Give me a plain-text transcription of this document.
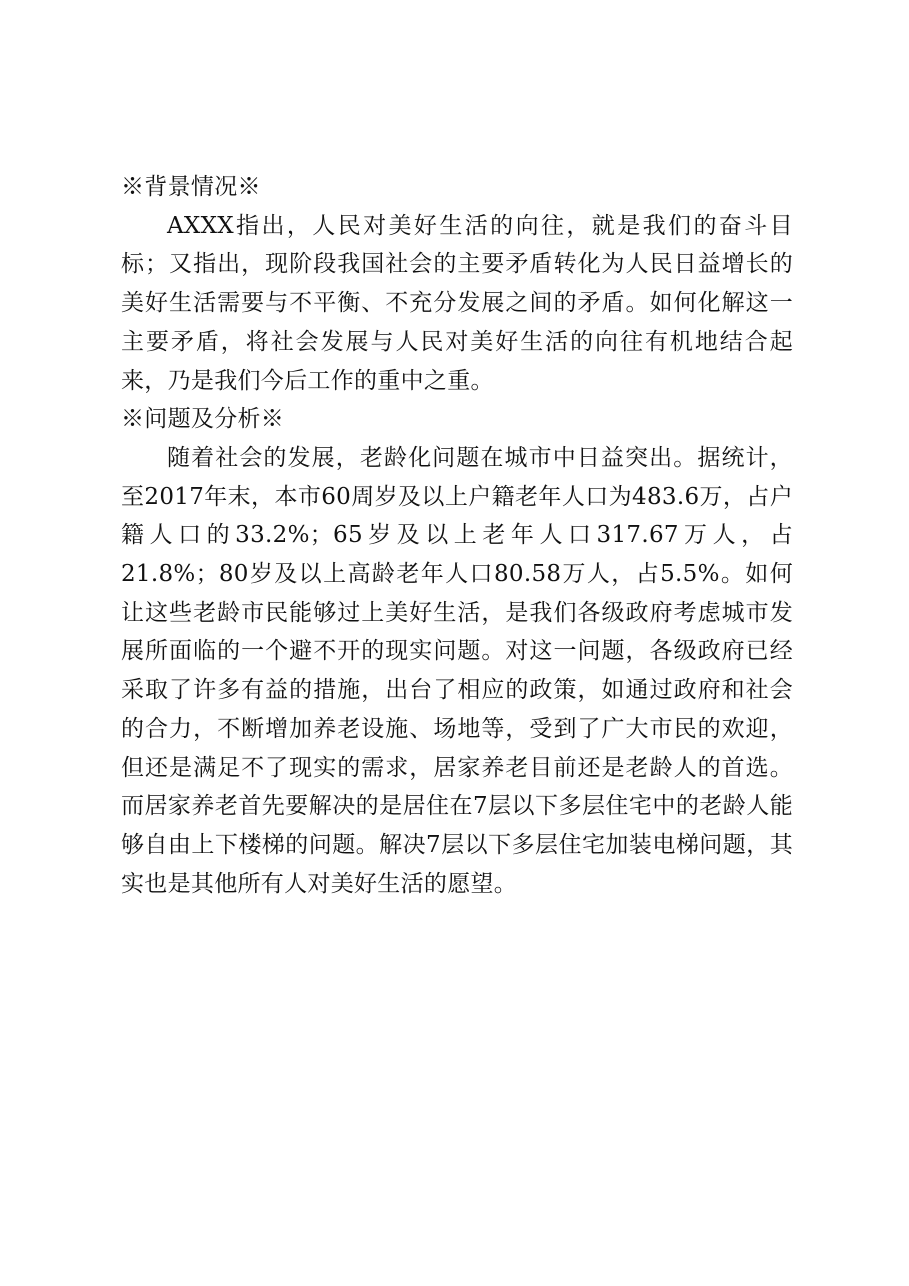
※背景情况※

AXXX指出，人民对美好生活的向往，就是我们的奋斗目标；又指出，现阶段我国社会的主要矛盾转化为人民日益增长的美好生活需要与不平衡、不充分发展之间的矛盾。如何化解这一主要矛盾，将社会发展与人民对美好生活的向往有机地结合起来，乃是我们今后工作的重中之重。

※问题及分析※

随着社会的发展，老龄化问题在城市中日益突出。据统计，至2017年末，本市60周岁及以上户籍老年人口为483.6万，占户籍人口的33.2%；65岁及以上老年人口317.67万人，占21.8%；80岁及以上高龄老年人口80.58万人，占5.5%。如何让这些老龄市民能够过上美好生活，是我们各级政府考虑城市发展所面临的一个避不开的现实问题。对这一问题，各级政府已经采取了许多有益的措施，出台了相应的政策，如通过政府和社会的合力，不断增加养老设施、场地等，受到了广大市民的欢迎，但还是满足不了现实的需求，居家养老目前还是老龄人的首选。而居家养老首先要解决的是居住在7层以下多层住宅中的老龄人能够自由上下楼梯的问题。解决7层以下多层住宅加装电梯问题，其实也是其他所有人对美好生活的愿望。
